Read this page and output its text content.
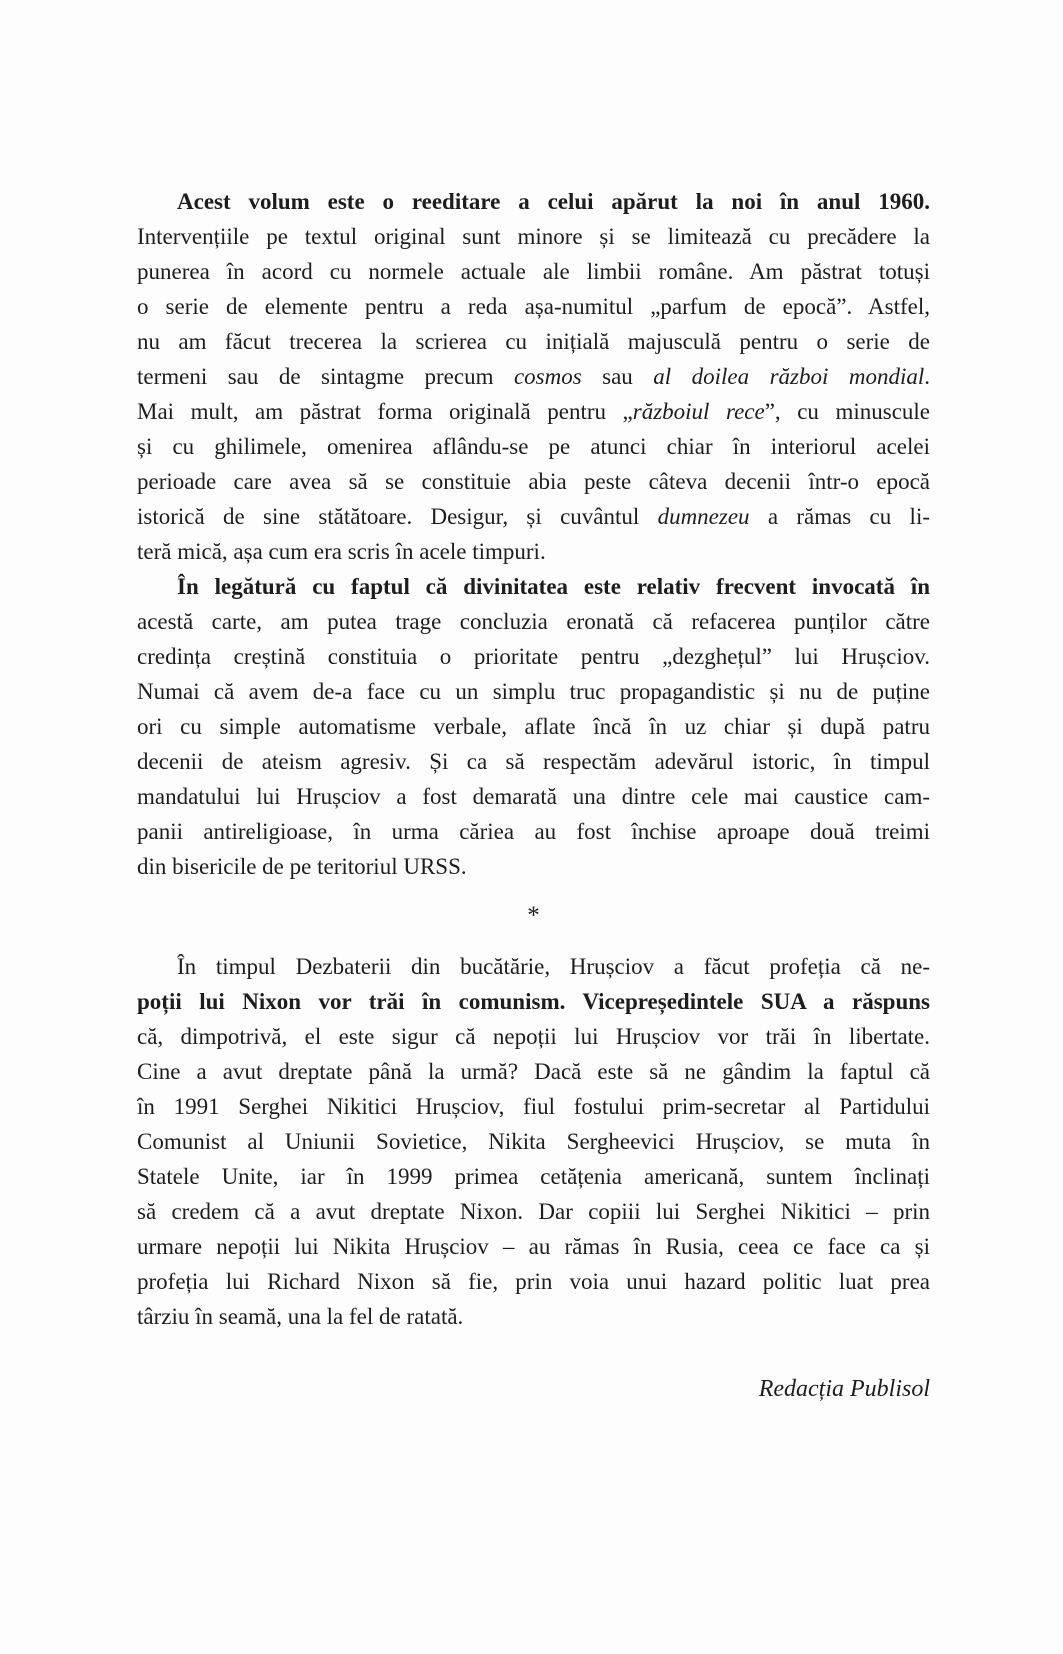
Acest volum este o reeditare a celui apărut la noi în anul 1960.
Intervențiile pe textul original sunt minore și se limitează cu precădere la
punerea în acord cu normele actuale ale limbii române. Am păstrat totuși
o serie de elemente pentru a reda așa-numitul „parfum de epocă”. Astfel,
nu am făcut trecerea la scrierea cu inițială majusculă pentru o serie de
termeni sau de sintagme precum cosmos sau al doilea război mondial.
Mai mult, am păstrat forma originală pentru „războiul rece”, cu minuscule
și cu ghilimele, omenirea aflându-se pe atunci chiar în interiorul acelei
perioade care avea să se constituie abia peste câteva decenii într-o epocă
istorică de sine stătătoare. Desigur, și cuvântul dumnezeu a rămas cu li-
teră mică, așa cum era scris în acele timpuri.
În legătură cu faptul că divinitatea este relativ frecvent invocată în
acestă carte, am putea trage concluzia eronată că refacerea punților către
credința creștină constituia o prioritate pentru „dezghețul” lui Hrușciov.
Numai că avem de-a face cu un simplu truc propagandistic și nu de puține
ori cu simple automatisme verbale, aflate încă în uz chiar și după patru
decenii de ateism agresiv. Și ca să respectăm adevărul istoric, în timpul
mandatului lui Hrușciov a fost demarată una dintre cele mai caustice cam-
panii antireligioase, în urma căriea au fost închise aproape două treimi
din bisericile de pe teritoriul URSS.
*
În timpul Dezbaterii din bucătărie, Hrușciov a făcut profeția că ne-
poții lui Nixon vor trăi în comunism. Vicepreședintele SUA a răspuns
că, dimpotrivă, el este sigur că nepoții lui Hrușciov vor trăi în libertate.
Cine a avut dreptate până la urmă? Dacă este să ne gândim la faptul că
în 1991 Serghei Nikitici Hrușciov, fiul fostului prim-secretar al Partidului
Comunist al Uniunii Sovietice, Nikita Sergheevici Hrușciov, se muta în
Statele Unite, iar în 1999 primea cetățenia americană, suntem înclinați
să credem că a avut dreptate Nixon. Dar copiii lui Serghei Nikitici – prin
urmare nepoții lui Nikita Hrușciov – au rămas în Rusia, ceea ce face ca și
profeția lui Richard Nixon să fie, prin voia unui hazard politic luat prea
târziu în seamă, una la fel de ratată.
Redacția Publisol
